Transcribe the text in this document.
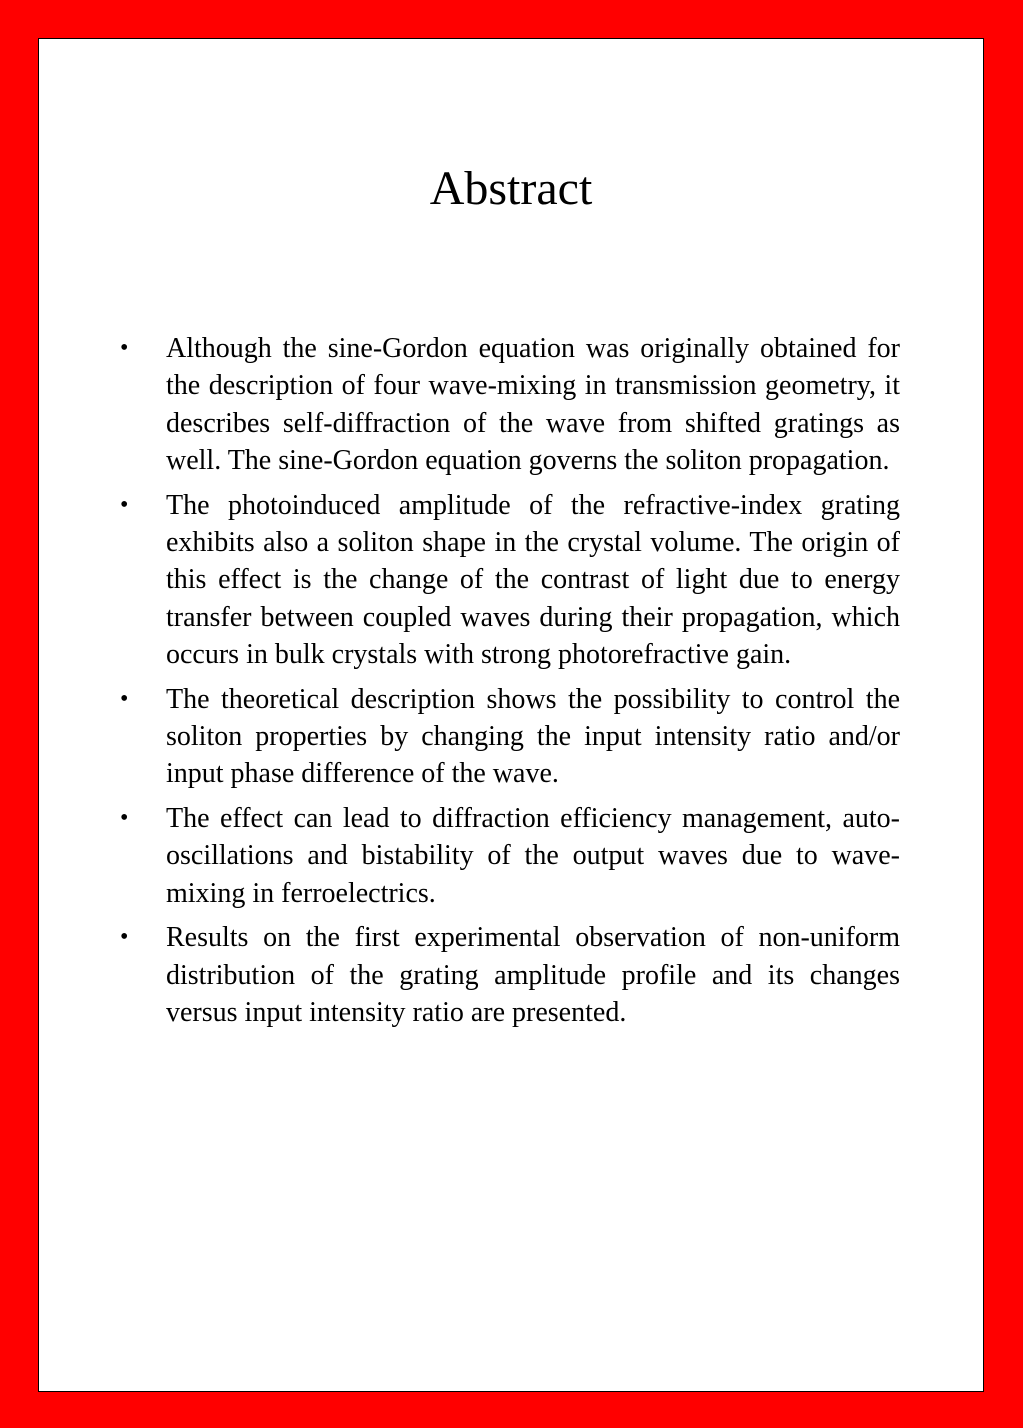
Abstract
• Although the sine-Gordon equation was originally obtained for the description of four wave-mixing in transmission geometry, it describes self-diffraction of the wave from shifted gratings as well. The sine-Gordon equation governs the soliton propagation.
• The photoinduced amplitude of the refractive-index grating exhibits also a soliton shape in the crystal volume. The origin of this effect is the change of the contrast of light due to energy transfer between coupled waves during their propagation, which occurs in bulk crystals with strong photorefractive gain.
• The theoretical description shows the possibility to control the soliton properties by changing the input intensity ratio and/or input phase difference of the wave.
• The effect can lead to diffraction efficiency management, auto-oscillations and bistability of the output waves due to wave-mixing in ferroelectrics.
• Results on the first experimental observation of non-uniform distribution of the grating amplitude profile and its changes versus input intensity ratio are presented.
